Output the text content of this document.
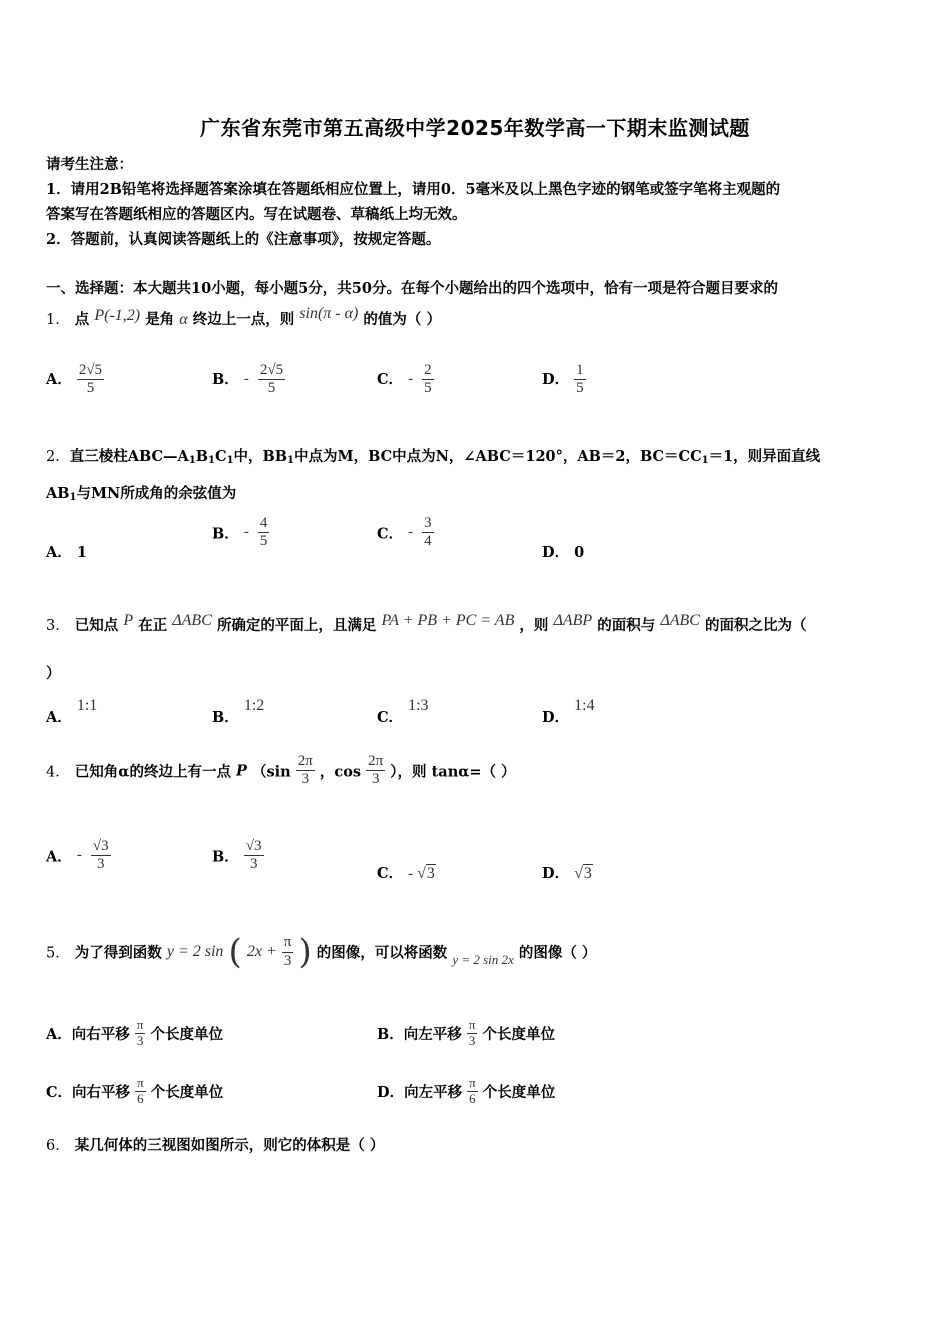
广东省东莞市第五高级中学2025年数学高一下期末监测试题
请考生注意：
1．请用2B铅笔将选择题答案涂填在答题纸相应位置上，请用0．5毫米及以上黑色字迹的钢笔或签字笔将主观题的
答案写在答题纸相应的答题区内。写在试题卷、草稿纸上均无效。
2．答题前，认真阅读答题纸上的《注意事项》，按规定答题。
一、选择题：本大题共10小题，每小题5分，共50分。在每个小题给出的四个选项中，恰有一项是符合题目要求的
1． 点 P(-1,2) 是角 α 终边上一点，则 sin(π - α) 的值为（ ）
A． $\frac{2√5}{5}$	B． - $\frac{2√5}{5}$	C． - $\frac{2}{5}$	D． $\frac{1}{5}$
2．直三棱柱$ABC—A_1B_1C_1$中，$BB_1$中点为M，BC中点为N，∠ABC＝120°，AB＝2，$BC=CC_1=1$，则异面直线
$AB_1$与MN所成角的余弦值为
A． 1
B． - $\frac{4}{5}$	C． - $\frac{3}{4}$
D． 0
3． 已知点 P 在正 ΔABC 所确定的平面上，且满足 PA + PB + PC = AB ，则 ΔABP 的面积与 ΔABC 的面积之比为（
）
A． 1:1
B． 1:2
C． 1:3
D． 1:4
4． 已知角α的终边上有一点 P （$\sin \frac{2\pi}{3}$ ，$\cos \frac{2\pi}{3}$ ），则 tanα=（ ）
A． - $\frac{√3}{3}$	B． $\frac{√3}{3}$	C． - √3	D． √3
5． 为了得到函数 y = 2 sin ( $2x + \frac{\pi}{3}$ ) 的图像，可以将函数 y = 2 sin 2x 的图像（ ）
A．向右平移 $\frac{\pi}{3}$ 个长度单位	B．向左平移 $\frac{\pi}{3}$ 个长度单位
C．向右平移 $\frac{\pi}{6}$ 个长度单位	D．向左平移 $\frac{\pi}{6}$ 个长度单位
6． 某几何体的三视图如图所示，则它的体积是（ ）
